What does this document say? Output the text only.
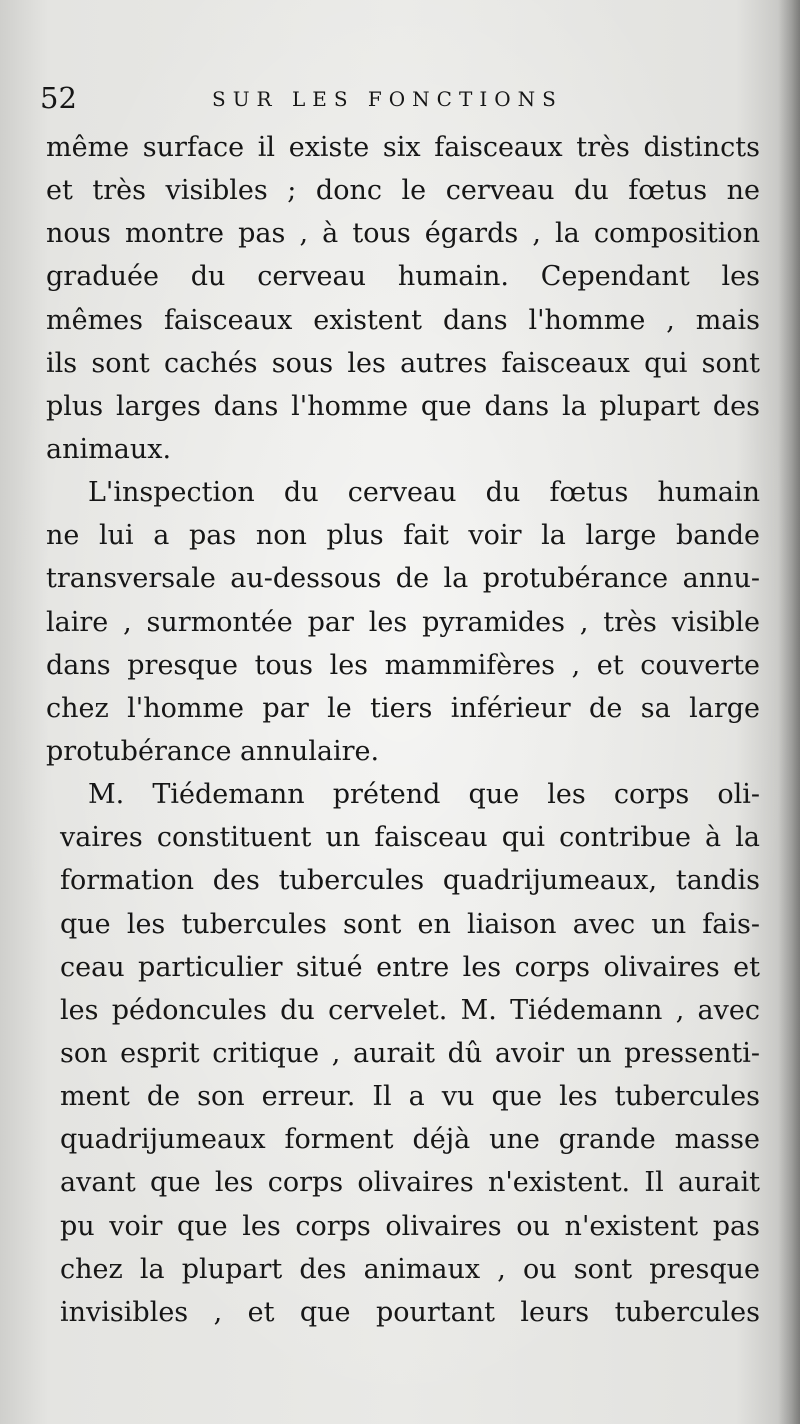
52	SUR LES FONCTIONS
même surface il existe six faisceaux très distincts
et très visibles ; donc le cerveau du fœtus ne
nous montre pas , à tous égards , la composition
graduée du cerveau humain. Cependant les
mêmes faisceaux existent dans l'homme , mais
ils sont cachés sous les autres faisceaux qui sont
plus larges dans l'homme que dans la plupart des
animaux.
L'inspection du cerveau du fœtus humain
ne lui a pas non plus fait voir la large bande
transversale au-dessous de la protubérance annu-
laire , surmontée par les pyramides , très visible
dans presque tous les mammifères , et couverte
chez l'homme par le tiers inférieur de sa large
protubérance annulaire.
M. Tiédemann prétend que les corps oli-
vaires constituent un faisceau qui contribue à la
formation des tubercules quadrijumeaux, tandis
que les tubercules sont en liaison avec un fais-
ceau particulier situé entre les corps olivaires et
les pédoncules du cervelet. M. Tiédemann , avec
son esprit critique , aurait dû avoir un pressenti-
ment de son erreur. Il a vu que les tubercules
quadrijumeaux forment déjà une grande masse
avant que les corps olivaires n'existent. Il aurait
pu voir que les corps olivaires ou n'existent pas
chez la plupart des animaux , ou sont presque
invisibles , et que pourtant leurs tubercules
